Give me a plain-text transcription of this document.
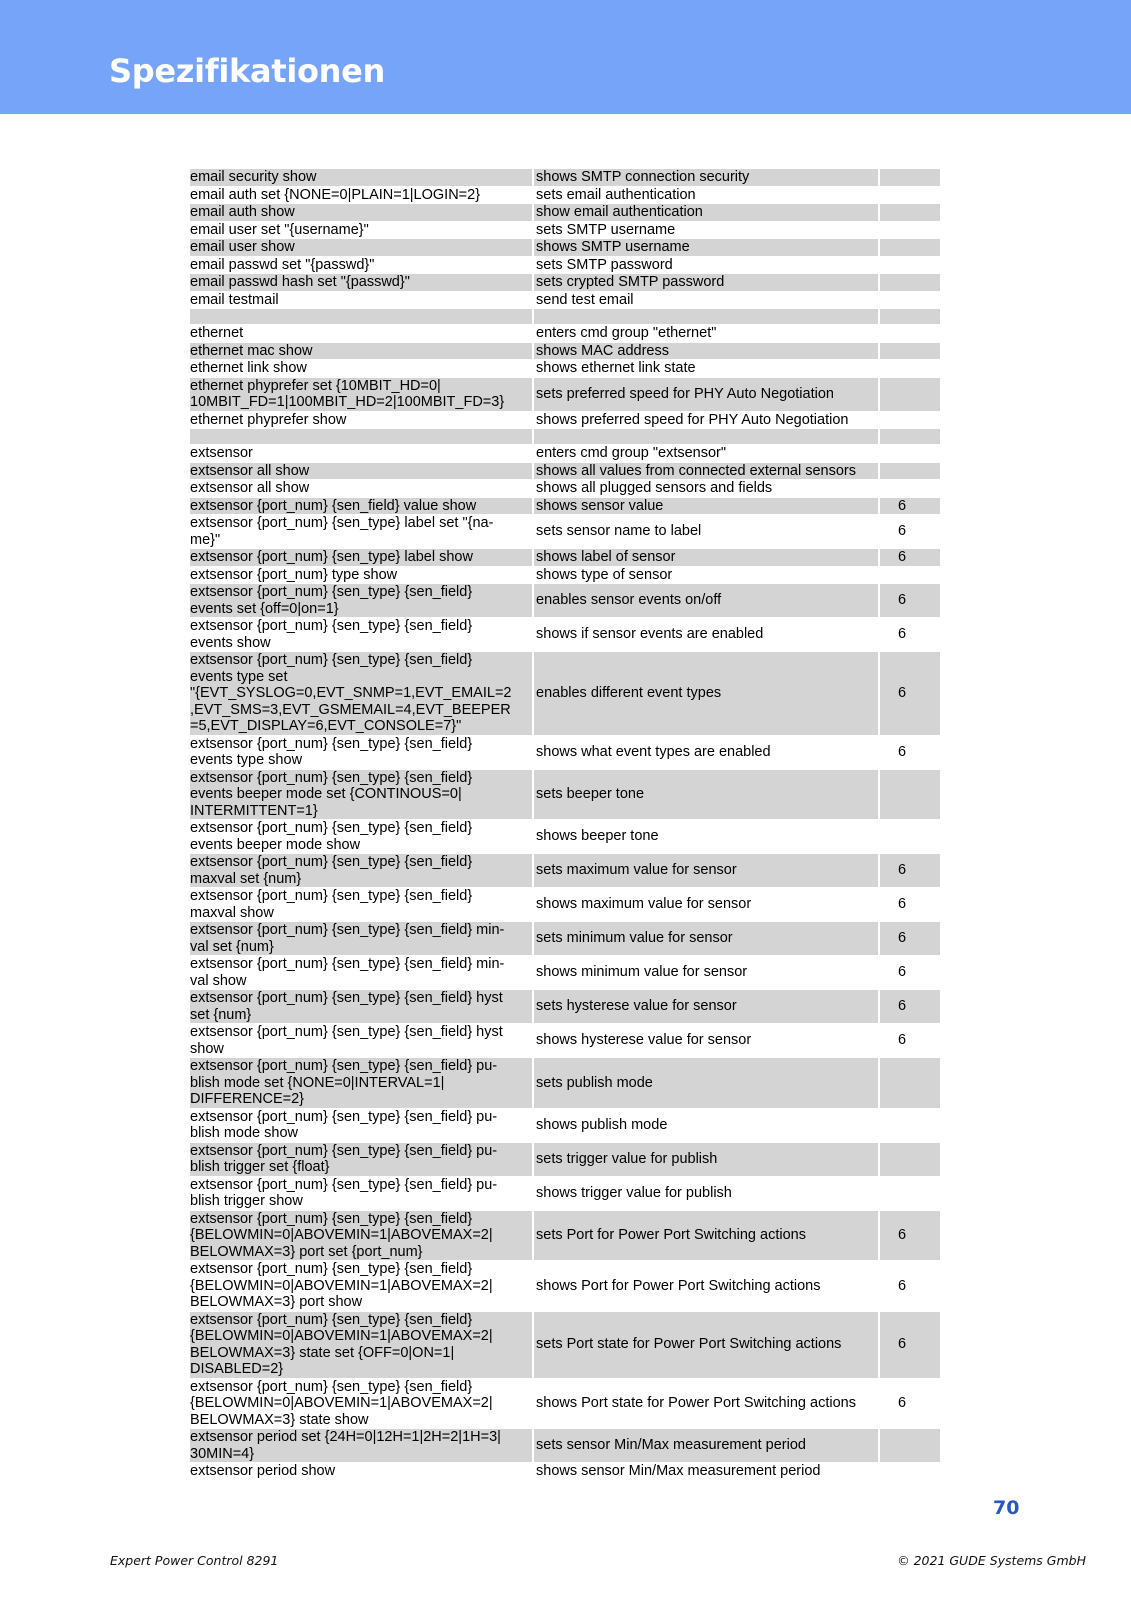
Spezifikationen
email security show	shows SMTP connection security	
email auth set {NONE=0|PLAIN=1|LOGIN=2}	sets email authentication	
email auth show	show email authentication	
email user set "{username}"	sets SMTP username	
email user show	shows SMTP username	
email passwd set "{passwd}"	sets SMTP password	
email passwd hash set "{passwd}"	sets crypted SMTP password	
email testmail	send test email	

ethernet	enters cmd group "ethernet"	
ethernet mac show	shows MAC address	
ethernet link show	shows ethernet link state	
ethernet phyprefer set {10MBIT_HD=0|
10MBIT_FD=1|100MBIT_HD=2|100MBIT_FD=3}	sets preferred speed for PHY Auto Negotiation	
ethernet phyprefer show	shows preferred speed for PHY Auto Negotiation	

extsensor	enters cmd group "extsensor"	
extsensor all show	shows all values from connected external sensors	
extsensor all show	shows all plugged sensors and fields	
extsensor {port_num} {sen_field} value show	shows sensor value	6
extsensor {port_num} {sen_type} label set "{na-
me}"	sets sensor name to label	6
extsensor {port_num} {sen_type} label show	shows label of sensor	6
extsensor {port_num} type show	shows type of sensor	
extsensor {port_num} {sen_type} {sen_field}
events set {off=0|on=1}	enables sensor events on/off	6
extsensor {port_num} {sen_type} {sen_field}
events show	shows if sensor events are enabled	6
extsensor {port_num} {sen_type} {sen_field}
events type set
"{EVT_SYSLOG=0,EVT_SNMP=1,EVT_EMAIL=2
,EVT_SMS=3,EVT_GSMEMAIL=4,EVT_BEEPER
=5,EVT_DISPLAY=6,EVT_CONSOLE=7}"	enables different event types	6
extsensor {port_num} {sen_type} {sen_field}
events type show	shows what event types are enabled	6
extsensor {port_num} {sen_type} {sen_field}
events beeper mode set {CONTINOUS=0|
INTERMITTENT=1}	sets beeper tone	
extsensor {port_num} {sen_type} {sen_field}
events beeper mode show	shows beeper tone	
extsensor {port_num} {sen_type} {sen_field}
maxval set {num}	sets maximum value for sensor	6
extsensor {port_num} {sen_type} {sen_field}
maxval show	shows maximum value for sensor	6
extsensor {port_num} {sen_type} {sen_field} min-
val set {num}	sets minimum value for sensor	6
extsensor {port_num} {sen_type} {sen_field} min-
val show	shows minimum value for sensor	6
extsensor {port_num} {sen_type} {sen_field} hyst
set {num}	sets hysterese value for sensor	6
extsensor {port_num} {sen_type} {sen_field} hyst
show	shows hysterese value for sensor	6
extsensor {port_num} {sen_type} {sen_field} pu-
blish mode set {NONE=0|INTERVAL=1|
DIFFERENCE=2}	sets publish mode	
extsensor {port_num} {sen_type} {sen_field} pu-
blish mode show	shows publish mode	
extsensor {port_num} {sen_type} {sen_field} pu-
blish trigger set {float}	sets trigger value for publish	
extsensor {port_num} {sen_type} {sen_field} pu-
blish trigger show	shows trigger value for publish	
extsensor {port_num} {sen_type} {sen_field}
{BELOWMIN=0|ABOVEMIN=1|ABOVEMAX=2|
BELOWMAX=3} port set {port_num}	sets Port for Power Port Switching actions	6
extsensor {port_num} {sen_type} {sen_field}
{BELOWMIN=0|ABOVEMIN=1|ABOVEMAX=2|
BELOWMAX=3} port show	shows Port for Power Port Switching actions	6
extsensor {port_num} {sen_type} {sen_field}
{BELOWMIN=0|ABOVEMIN=1|ABOVEMAX=2|
BELOWMAX=3} state set {OFF=0|ON=1|
DISABLED=2}	sets Port state for Power Port Switching actions	6
extsensor {port_num} {sen_type} {sen_field}
{BELOWMIN=0|ABOVEMIN=1|ABOVEMAX=2|
BELOWMAX=3} state show	shows Port state for Power Port Switching actions	6
extsensor period set {24H=0|12H=1|2H=2|1H=3|
30MIN=4}	sets sensor Min/Max measurement period	
extsensor period show	shows sensor Min/Max measurement period	
70
Expert Power Control 8291	© 2021 GUDE Systems GmbH
